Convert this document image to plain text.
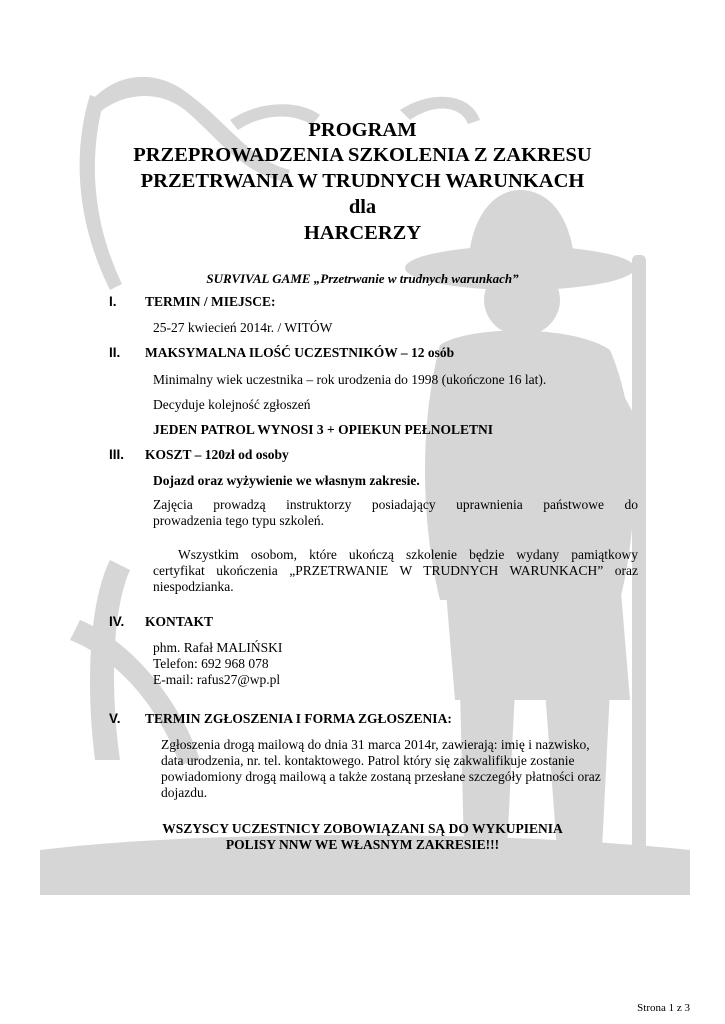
PROGRAM
PRZEPROWADZENIA SZKOLENIA Z ZAKRESU
PRZETRWANIA W TRUDNYCH WARUNKACH
dla
HARCERZY
SURVIVAL GAME „Przetrwanie w trudnych warunkach”
I. TERMIN / MIEJSCE:
25-27 kwiecień 2014r. / WITÓW
II. MAKSYMALNA ILOŚĆ UCZESTNIKÓW – 12 osób
Minimalny wiek uczestnika – rok urodzenia do 1998 (ukończone 16 lat).
Decyduje kolejność zgłoszeń
JEDEN PATROL WYNOSI 3 + OPIEKUN PEŁNOLETNI
III. KOSZT – 120zł od osoby
Dojazd oraz wyżywienie we własnym zakresie.
Zajęcia prowadzą instruktorzy posiadający uprawnienia państwowe do
prowadzenia tego typu szkoleń.
Wszystkim osobom, które ukończą szkolenie będzie wydany pamiątkowy
certyfikat ukończenia „PRZETRWANIE W TRUDNYCH WARUNKACH” oraz
niespodzianka.
IV. KONTAKT
phm. Rafał MALIŃSKI
Telefon: 692 968 078
E-mail: rafus27@wp.pl
V. TERMIN ZGŁOSZENIA I FORMA ZGŁOSZENIA:
Zgłoszenia drogą mailową do dnia 31 marca 2014r, zawierają: imię i nazwisko,
data urodzenia, nr. tel. kontaktowego. Patrol który się zakwalifikuje zostanie
powiadomiony drogą mailową a także zostaną przesłane szczegóły płatności oraz
dojazdu.
WSZYSCY UCZESTNICY ZOBOWIĄZANI SĄ DO WYKUPIENIA
POLISY NNW WE WŁASNYM ZAKRESIE!!!
Strona 1 z 3
